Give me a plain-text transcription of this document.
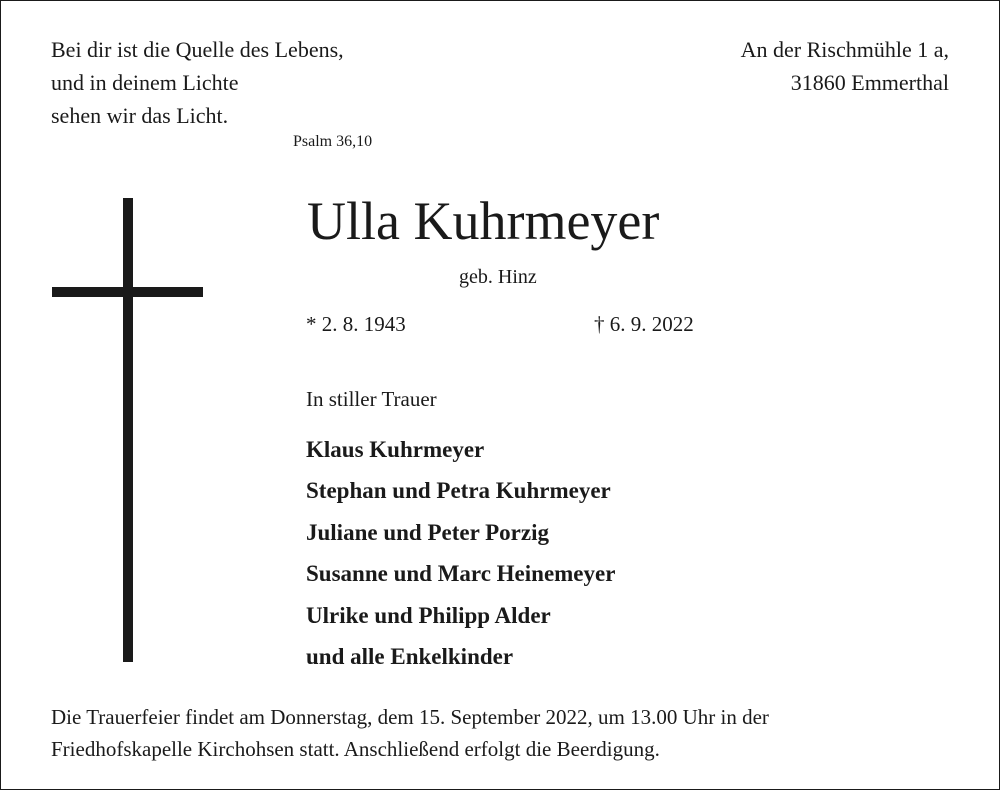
Bei dir ist die Quelle des Lebens,
und in deinem Lichte
sehen wir das Licht.
Psalm 36,10
An der Rischmühle 1 a,
31860 Emmerthal
Ulla Kuhrmeyer
geb. Hinz
* 2. 8. 1943	† 6. 9. 2022
In stiller Trauer
Klaus Kuhrmeyer
Stephan und Petra Kuhrmeyer
Juliane und Peter Porzig
Susanne und Marc Heinemeyer
Ulrike und Philipp Alder
und alle Enkelkinder
Die Trauerfeier findet am Donnerstag, dem 15. September 2022, um 13.00 Uhr in der
Friedhofskapelle Kirchohsen statt. Anschließend erfolgt die Beerdigung.
